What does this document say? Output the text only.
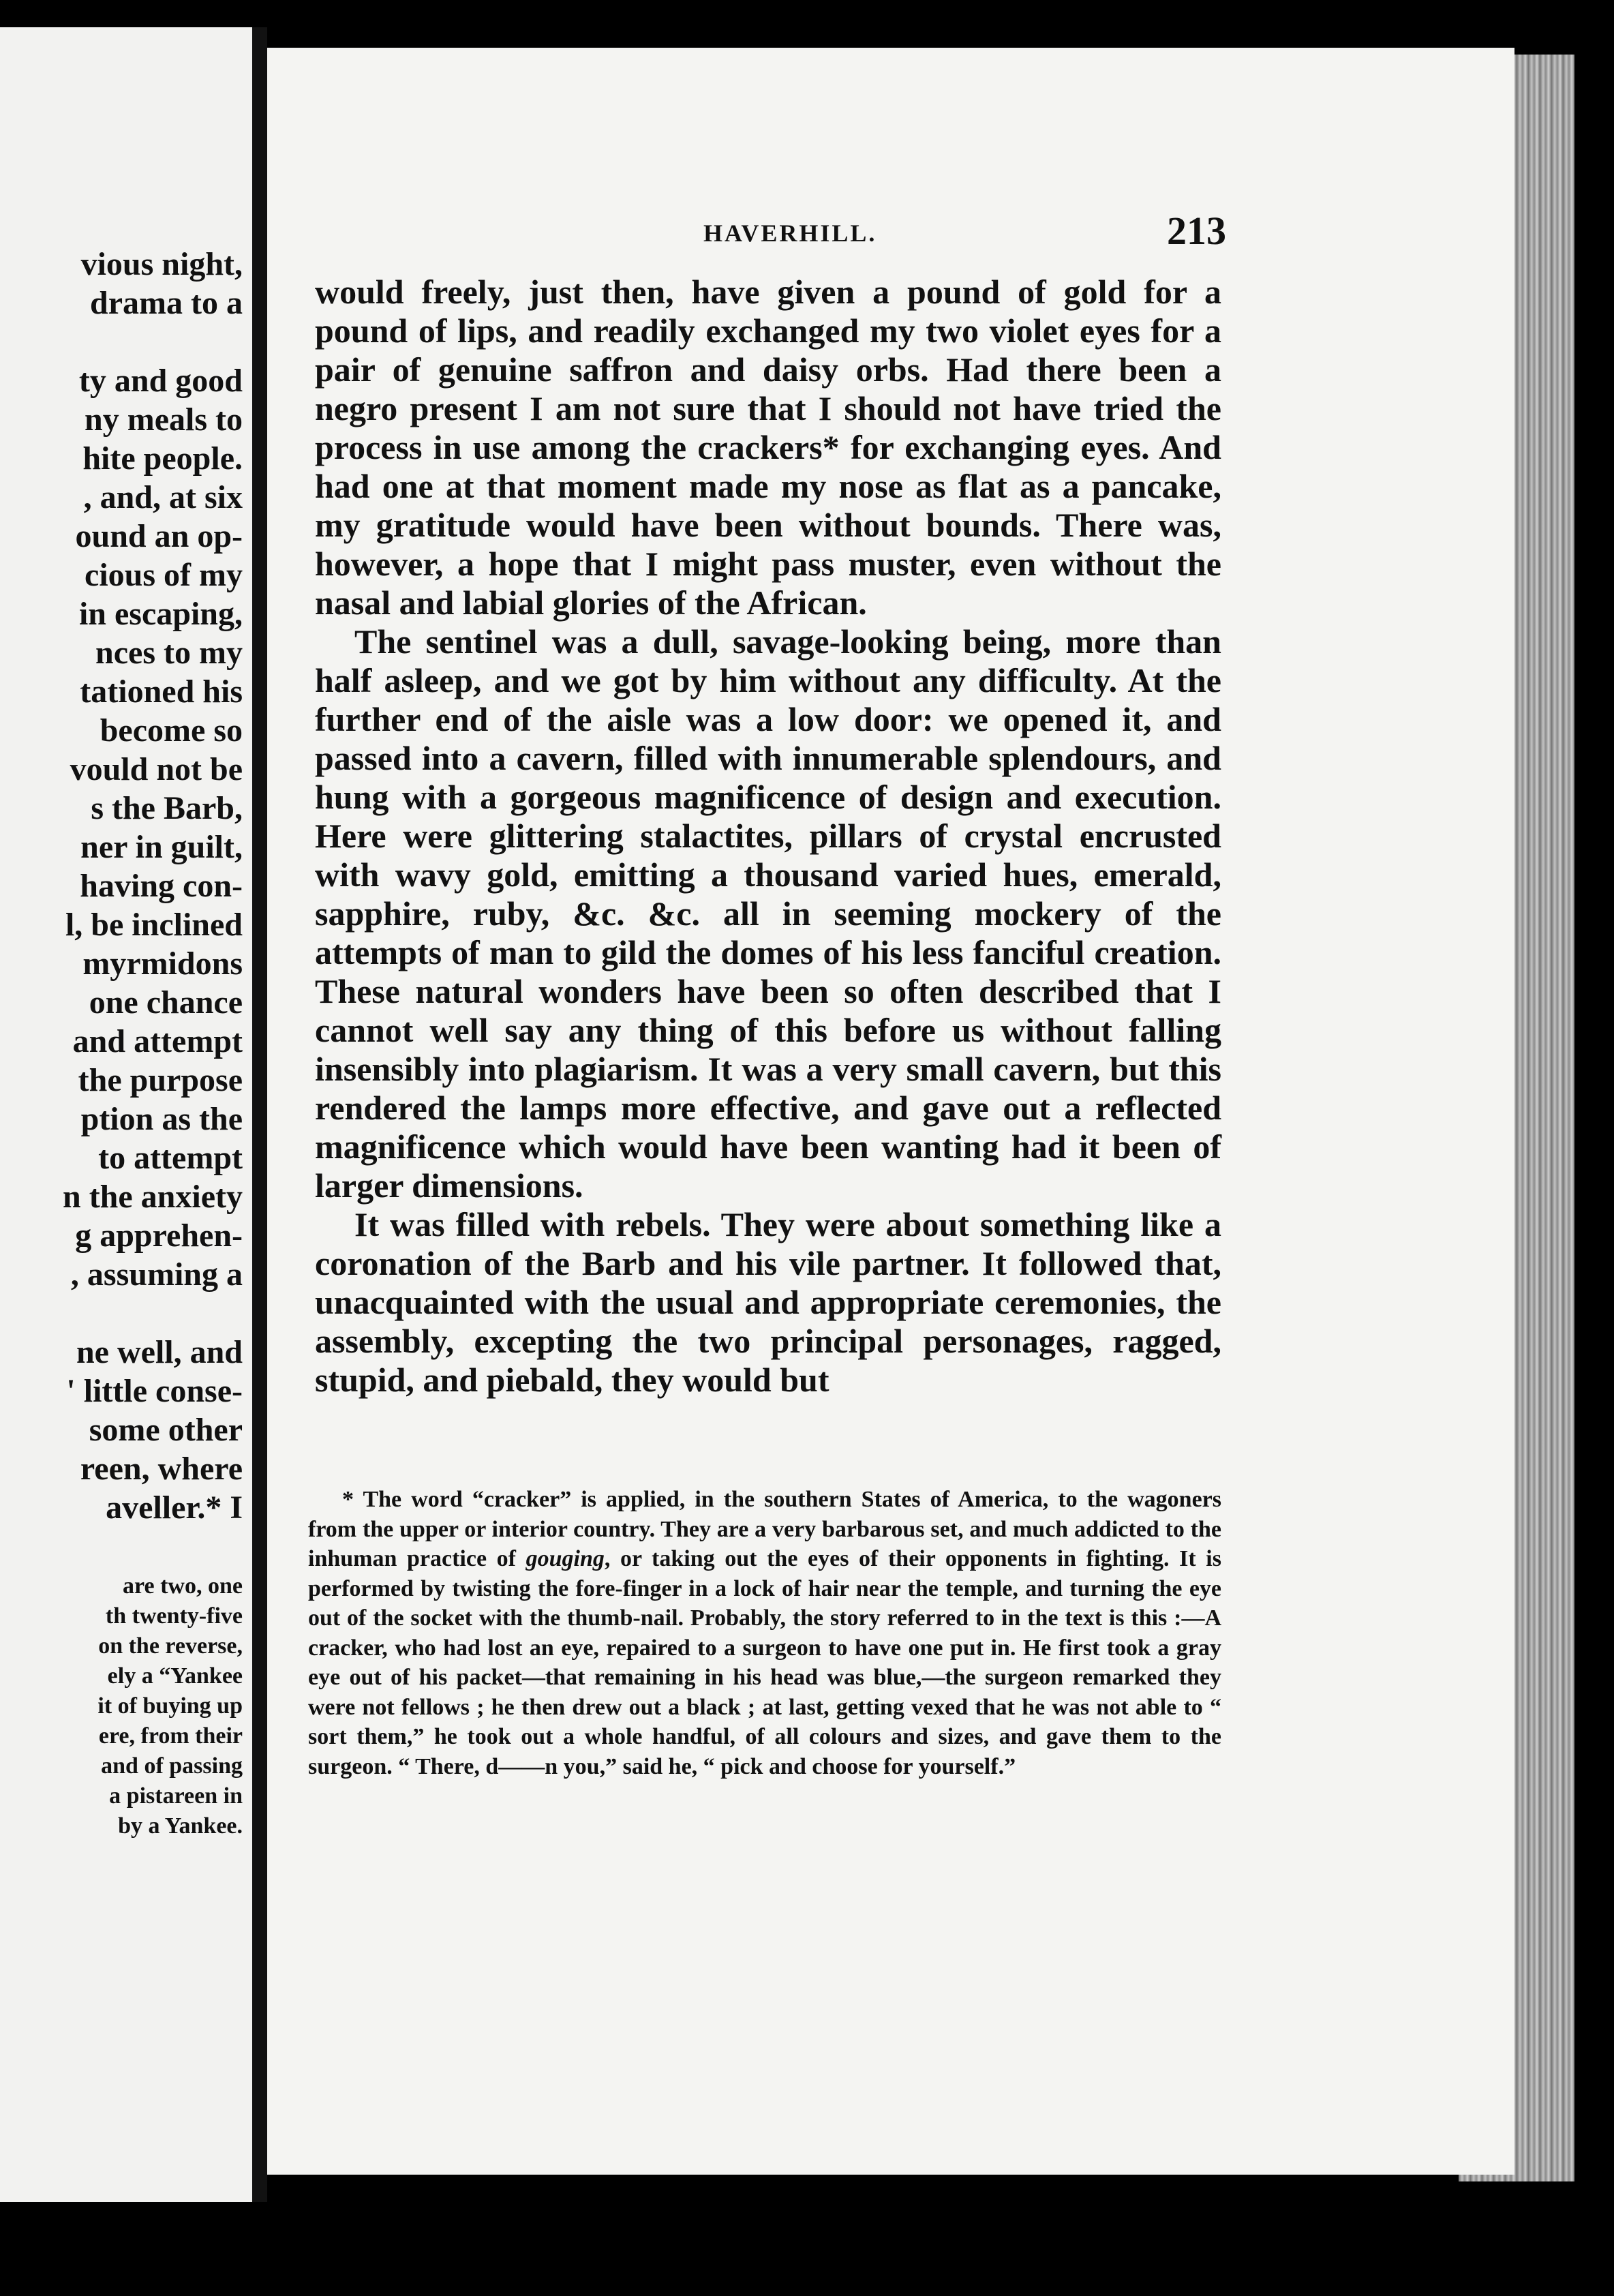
vious night,
drama to a
ty and good
ny meals to
hite people.
, and, at six
ound an op-
cious of my
in escaping,
nces to my
tationed his
become so
vould not be
s the Barb,
ner in guilt,
having con-
l, be inclined
myrmidons
one chance
and attempt
the purpose
ption as the
to attempt
n the anxiety
g apprehen-
, assuming a
ne well, and
' little conse-
some other
reen, where
aveller.* I
are two, one
th twenty-five
on the reverse,
ely a “Yankee
it of buying up
ere, from their
and of passing
a pistareen in
by a Yankee.
HAVERHILL.	213

would freely, just then, have given a pound of gold for a pound of lips, and readily exchanged my two violet eyes for a pair of genuine saffron and daisy orbs. Had there been a negro present I am not sure that I should not have tried the process in use among the crackers* for exchanging eyes. And had one at that moment made my nose as flat as a pancake, my gratitude would have been without bounds. There was, however, a hope that I might pass muster, even without the nasal and labial glories of the African.

The sentinel was a dull, savage-looking being, more than half asleep, and we got by him without any difficulty. At the further end of the aisle was a low door: we opened it, and passed into a cavern, filled with innumerable splendours, and hung with a gorgeous magnificence of design and execution. Here were glittering stalactites, pillars of crystal encrusted with wavy gold, emitting a thousand varied hues, emerald, sapphire, ruby, &c. &c. all in seeming mockery of the attempts of man to gild the domes of his less fanciful creation. These natural wonders have been so often described that I cannot well say any thing of this before us without falling insensibly into plagiarism. It was a very small cavern, but this rendered the lamps more effective, and gave out a reflected magnificence which would have been wanting had it been of larger dimensions.

It was filled with rebels. They were about something like a coronation of the Barb and his vile partner. It followed that, unacquainted with the usual and appropriate ceremonies, the assembly, excepting the two principal personages, ragged, stupid, and piebald, they would but

* The word “cracker” is applied, in the southern States of America, to the wagoners from the upper or interior country. They are a very barbarous set, and much addicted to the inhuman practice of gouging, or taking out the eyes of their opponents in fighting. It is performed by twisting the fore-finger in a lock of hair near the temple, and turning the eye out of the socket with the thumb-nail. Probably, the story referred to in the text is this :—A cracker, who had lost an eye, repaired to a surgeon to have one put in. He first took a gray eye out of his packet—that remaining in his head was blue,—the surgeon remarked they were not fellows ; he then drew out a black ; at last, getting vexed that he was not able to “ sort them,” he took out a whole handful, of all colours and sizes, and gave them to the surgeon. “ There, d——n you,” said he, “ pick and choose for yourself.”
